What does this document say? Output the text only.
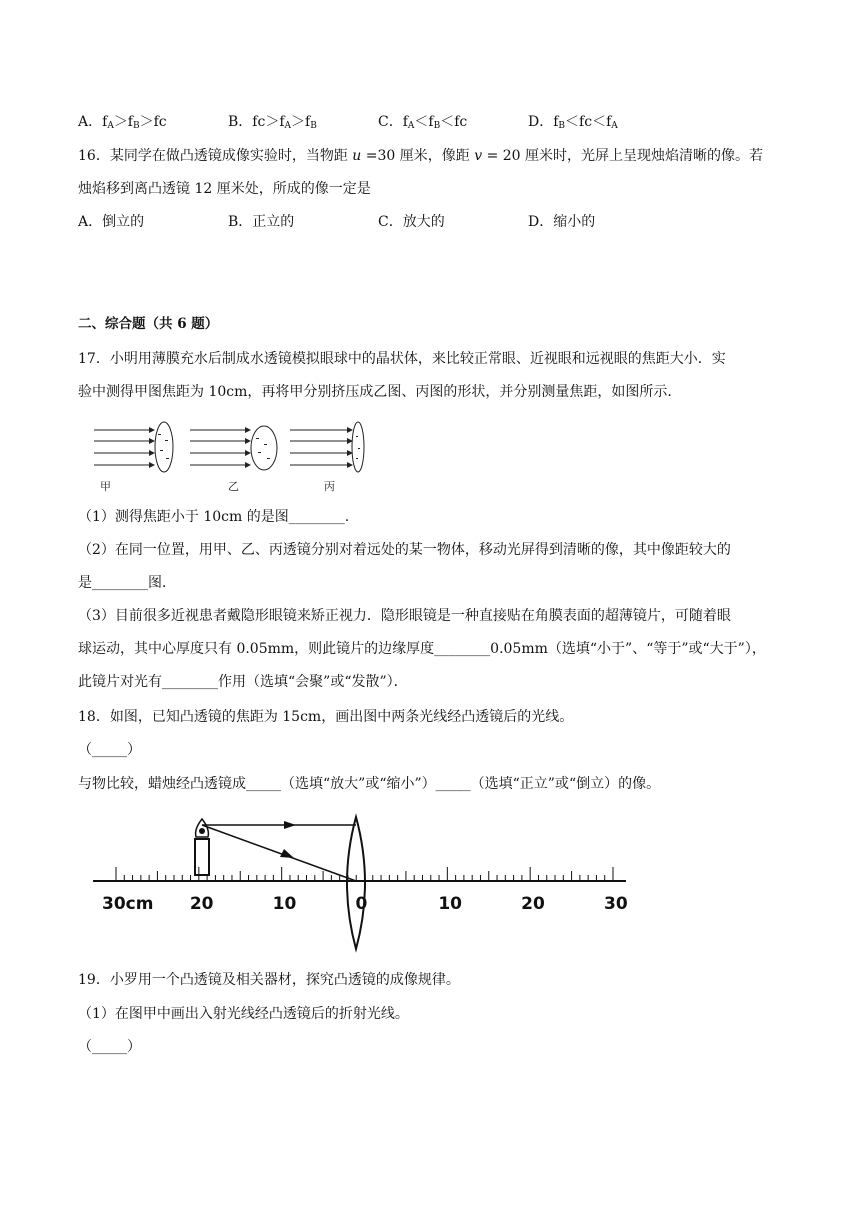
A．$f_A>f_B>fc$	B．$fc>f_A>f_B$	C．$f_A<f_B<fc$	D．$f_B<fc<f_A$
16．某同学在做凸透镜成像实验时，当物距 u =30 厘米，像距 v = 20 厘米时，光屏上呈现烛焰清晰的像。若
烛焰移到离凸透镜 12 厘米处，所成的像一定是
A．倒立的	B．正立的	C．放大的	D．缩小的
二、综合题（共 6 题）
17．小明用薄膜充水后制成水透镜模拟眼球中的晶状体，来比较正常眼、近视眼和远视眼的焦距大小．实
验中测得甲图焦距为 10cm，再将甲分别挤压成乙图、丙图的形状，并分别测量焦距，如图所示．
甲	乙	丙
（1）测得焦距小于 10cm 的是图________.
（2）在同一位置，用甲、乙、丙透镜分别对着远处的某一物体，移动光屏得到清晰的像，其中像距较大的
是________图．
（3）目前很多近视患者戴隐形眼镜来矫正视力．隐形眼镜是一种直接贴在角膜表面的超薄镜片，可随着眼
球运动，其中心厚度只有 0.05mm，则此镜片的边缘厚度________0.05mm（选填“小于”、“等于”或“大于”），
此镜片对光有________作用（选填“会聚”或“发散”）．
18．如图，已知凸透镜的焦距为 15cm，画出图中两条光线经凸透镜后的光线。
（_____）
与物比较，蜡烛经凸透镜成_____（选填“放大”或“缩小”）_____（选填“正立”或“倒立）的像。
30cm 20	10	0	10	20	30
19．小罗用一个凸透镜及相关器材，探究凸透镜的成像规律。
（1）在图甲中画出入射光线经凸透镜后的折射光线。
（_____）
